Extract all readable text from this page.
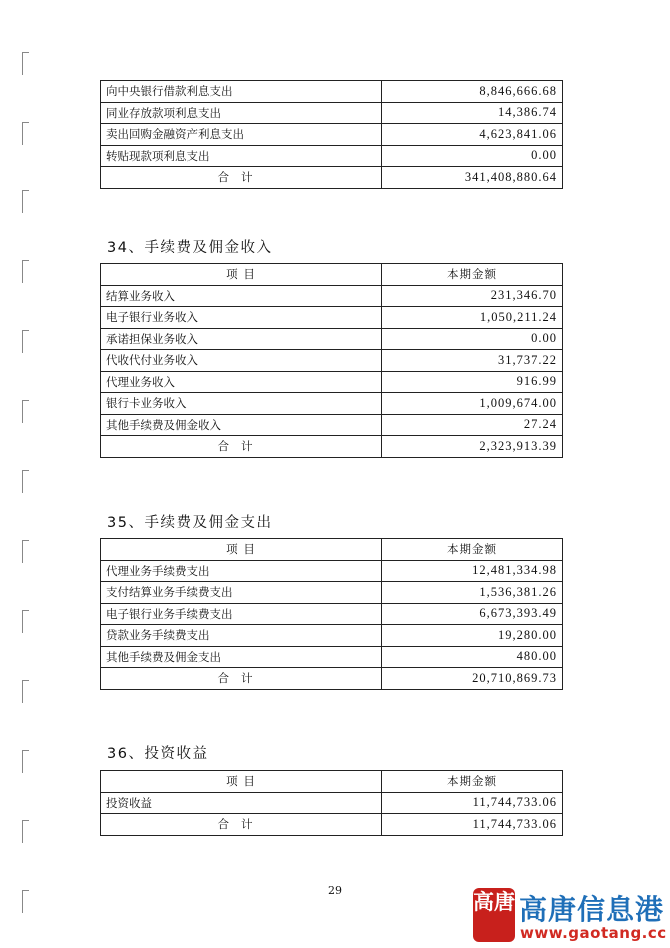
向中央银行借款利息支出	8,846,666.68
同业存放款项利息支出	14,386.74
卖出回购金融资产利息支出	4,623,841.06
转贴现款项利息支出	0.00
合计	341,408,880.64
34、手续费及佣金收入
项 目	本期金额
结算业务收入	231,346.70
电子银行业务收入	1,050,211.24
承诺担保业务收入	0.00
代收代付业务收入	31,737.22
代理业务收入	916.99
银行卡业务收入	1,009,674.00
其他手续费及佣金收入	27.24
合计	2,323,913.39
35、手续费及佣金支出
项 目	本期金额
代理业务手续费支出	12,481,334.98
支付结算业务手续费支出	1,536,381.26
电子银行业务手续费支出	6,673,393.49
贷款业务手续费支出	19,280.00
其他手续费及佣金支出	480.00
合计	20,710,869.73
36、投资收益
项 目	本期金额
投资收益	11,744,733.06
合计	11,744,733.06
29	高唐 高唐信息港
www.gaotang.cc
